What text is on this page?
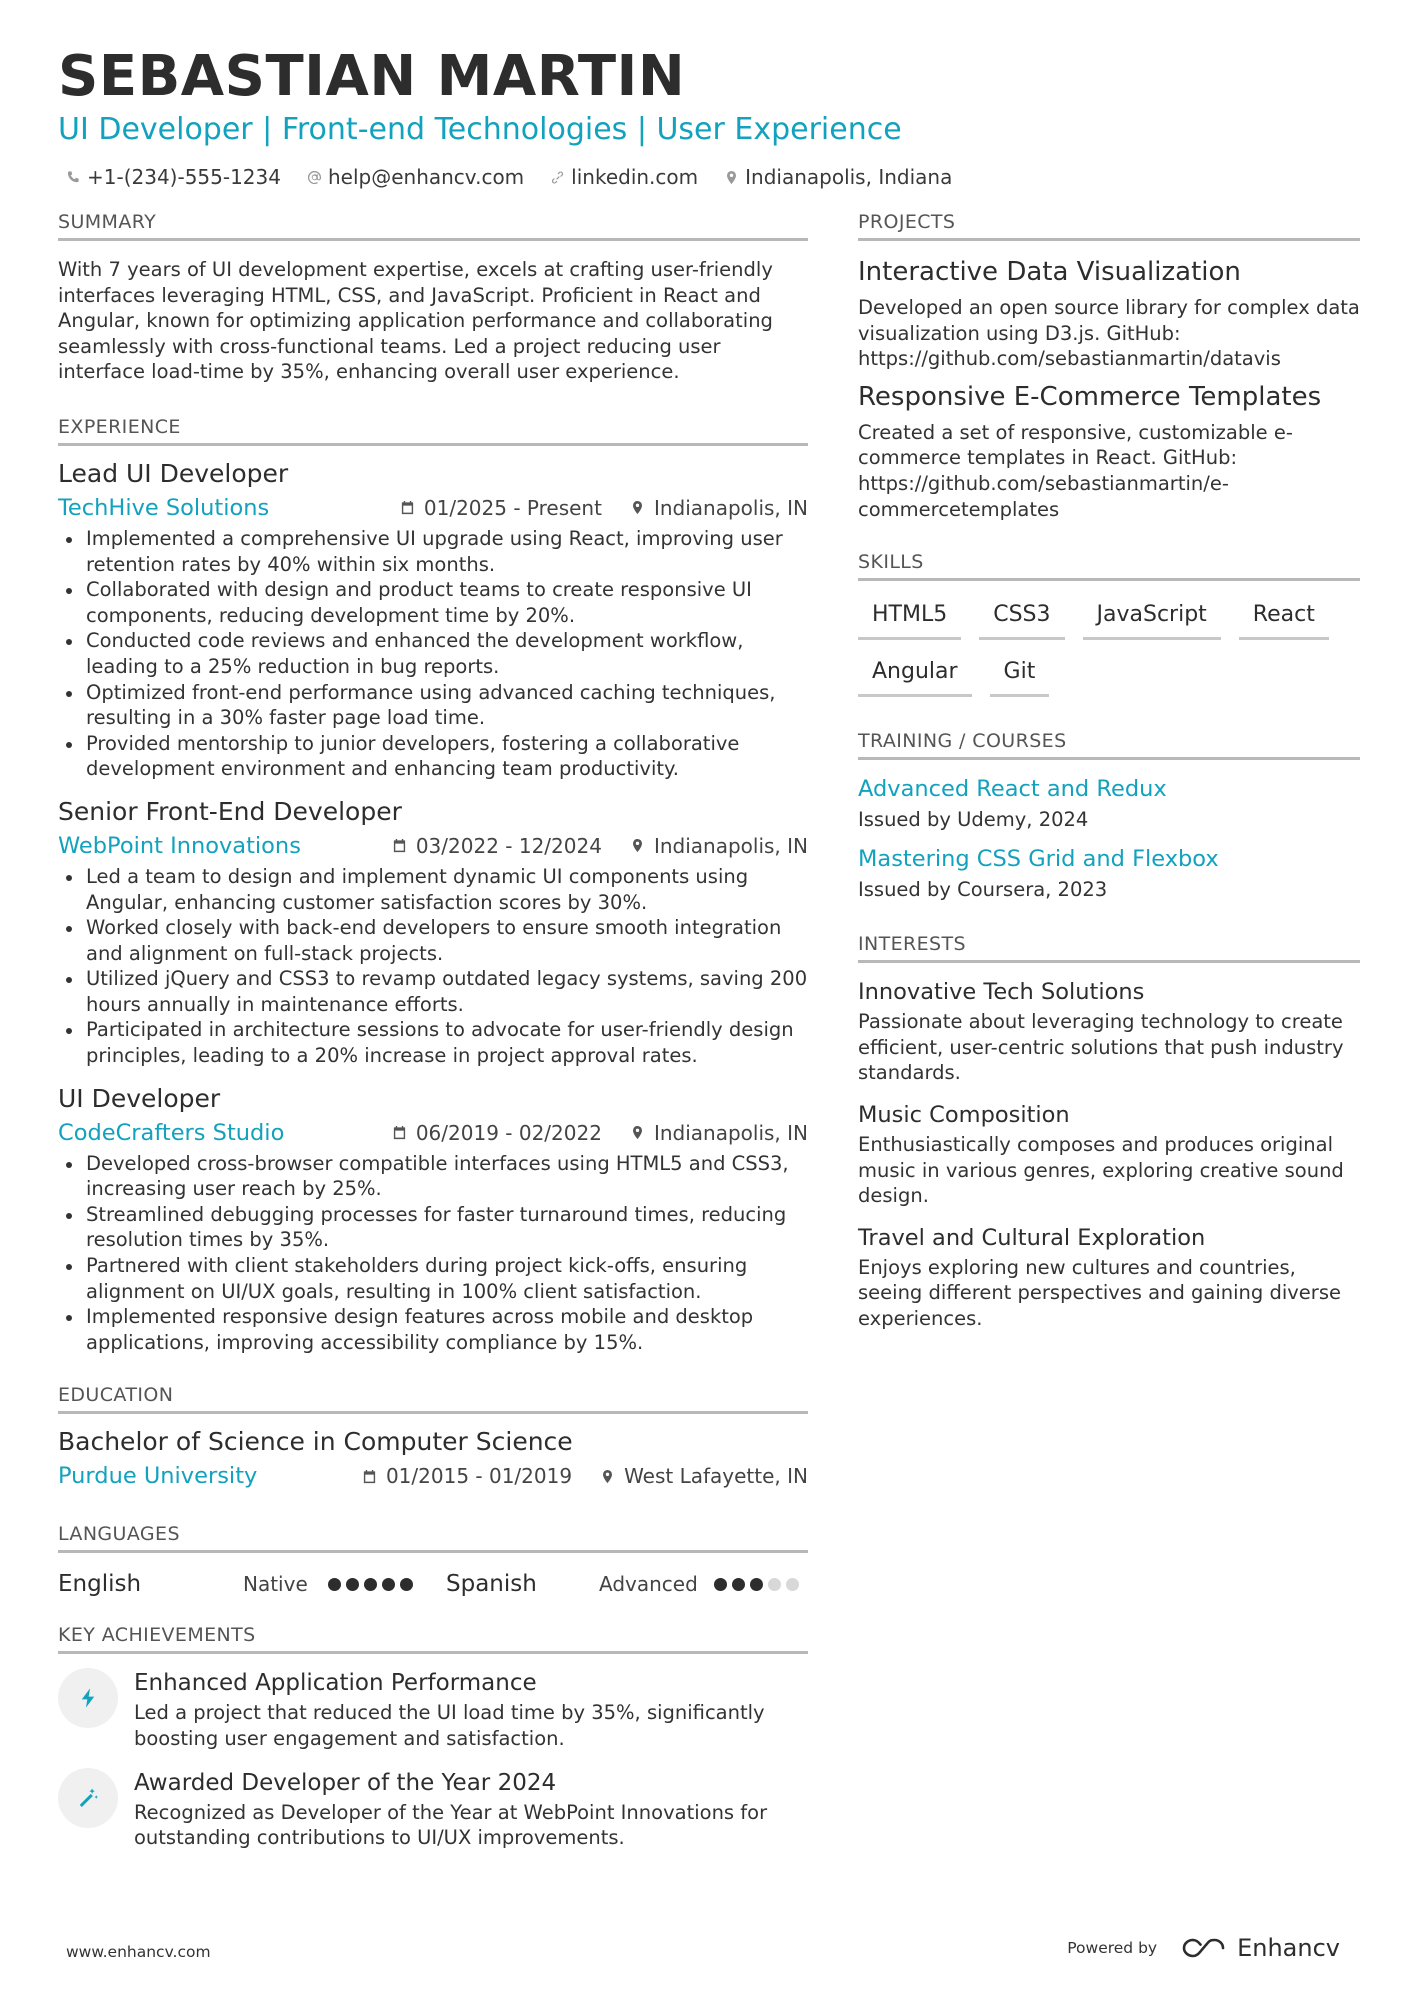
SEBASTIAN MARTIN
UI Developer | Front-end Technologies | User Experience
+1-(234)-555-1234 help@enhancv.com linkedin.com Indianapolis, Indiana
SUMMARY

With 7 years of UI development expertise, excels at crafting user-friendly interfaces leveraging HTML, CSS, and JavaScript. Proficient in React and Angular, known for optimizing application performance and collaborating seamlessly with cross-functional teams. Led a project reducing user interface load-time by 35%, enhancing overall user experience.

EXPERIENCE
Lead UI Developer
TechHive Solutions	01/2025 - Present	Indianapolis, IN
Implemented a comprehensive UI upgrade using React, improving user retention rates by 40% within six months.
Collaborated with design and product teams to create responsive UI components, reducing development time by 20%.
Conducted code reviews and enhanced the development workflow, leading to a 25% reduction in bug reports.
Optimized front-end performance using advanced caching techniques, resulting in a 30% faster page load time.
Provided mentorship to junior developers, fostering a collaborative development environment and enhancing team productivity.
Senior Front-End Developer
WebPoint Innovations	03/2022 - 12/2024	Indianapolis, IN
Led a team to design and implement dynamic UI components using Angular, enhancing customer satisfaction scores by 30%.
Worked closely with back-end developers to ensure smooth integration and alignment on full-stack projects.
Utilized jQuery and CSS3 to revamp outdated legacy systems, saving 200 hours annually in maintenance efforts.
Participated in architecture sessions to advocate for user-friendly design principles, leading to a 20% increase in project approval rates.
UI Developer
CodeCrafters Studio	06/2019 - 02/2022	Indianapolis, IN
Developed cross-browser compatible interfaces using HTML5 and CSS3, increasing user reach by 25%.
Streamlined debugging processes for faster turnaround times, reducing resolution times by 35%.
Partnered with client stakeholders during project kick-offs, ensuring alignment on UI/UX goals, resulting in 100% client satisfaction.
Implemented responsive design features across mobile and desktop applications, improving accessibility compliance by 15%.
EDUCATION
Bachelor of Science in Computer Science
Purdue University	01/2015 - 01/2019	West Lafayette, IN
LANGUAGES
English	Native	Spanish	Advanced
KEY ACHIEVEMENTS
Enhanced Application Performance
Led a project that reduced the UI load time by 35%, significantly boosting user engagement and satisfaction.
Awarded Developer of the Year 2024
Recognized as Developer of the Year at WebPoint Innovations for outstanding contributions to UI/UX improvements.
PROJECTS
Interactive Data Visualization
Developed an open source library for complex data visualization using D3.js. GitHub: https://github.com/sebastianmartin/datavis
Responsive E-Commerce Templates
Created a set of responsive, customizable e-commerce templates in React. GitHub: https://github.com/sebastianmartin/e-commercetemplates
SKILLS
HTML5	CSS3	JavaScript	React
Angular	Git
TRAINING / COURSES
Advanced React and Redux
Issued by Udemy, 2024
Mastering CSS Grid and Flexbox
Issued by Coursera, 2023
INTERESTS
Innovative Tech Solutions
Passionate about leveraging technology to create efficient, user-centric solutions that push industry standards.
Music Composition
Enthusiastically composes and produces original music in various genres, exploring creative sound design.
Travel and Cultural Exploration
Enjoys exploring new cultures and countries, seeing different perspectives and gaining diverse experiences.
www.enhancv.com	Powered by	Enhancv
